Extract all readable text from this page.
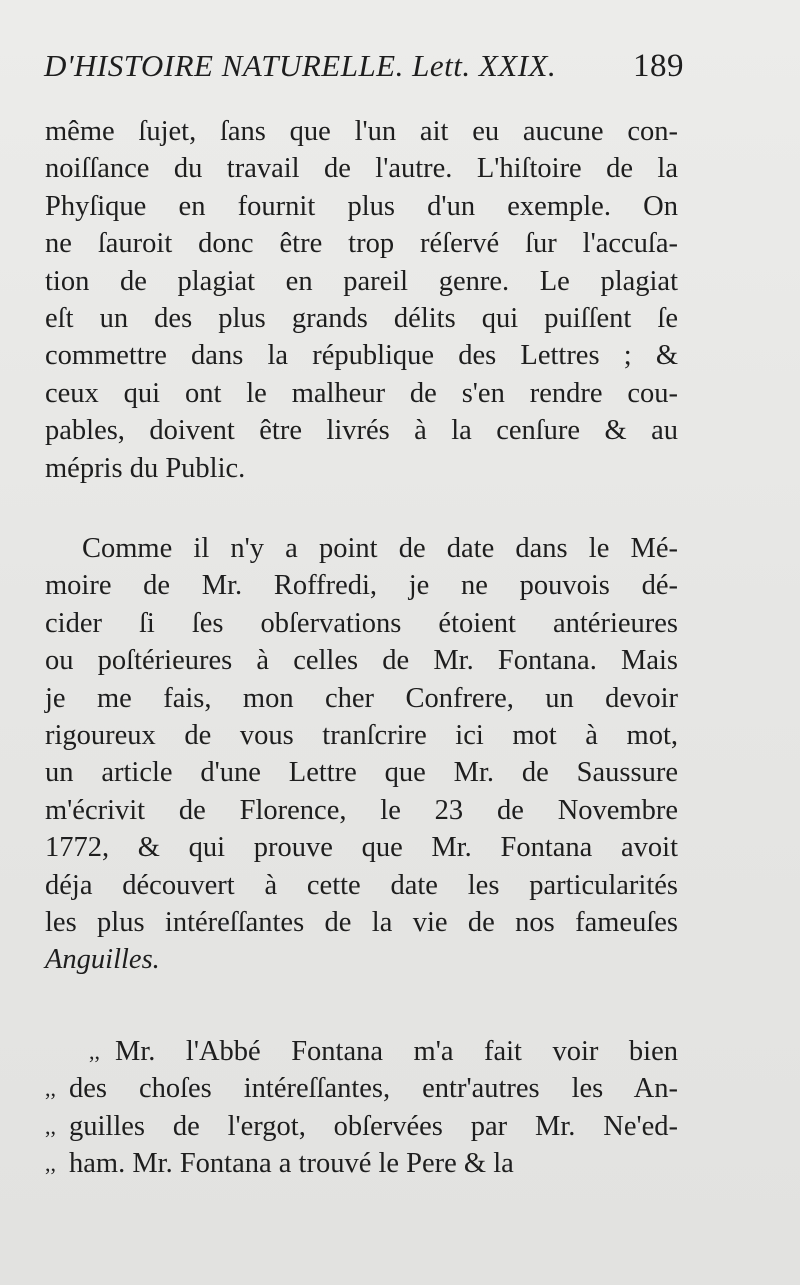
D'HISTOIRE NATURELLE. Lett. XXIX. 189
même ſujet, ſans que l'un ait eu aucune con-
noiſſance du travail de l'autre. L'hiſtoire de la
Phyſique en fournit plus d'un exemple. On
ne ſauroit donc être trop réſervé ſur l'accuſa-
tion de plagiat en pareil genre. Le plagiat
eſt un des plus grands délits qui puiſſent ſe
commettre dans la république des Lettres ; &
ceux qui ont le malheur de s'en rendre cou-
pables, doivent être livrés à la cenſure & au
mépris du Public.
Comme il n'y a point de date dans le Mé-
moire de Mr. Roffredi, je ne pouvois dé-
cider ſi ſes obſervations étoient antérieures
ou poſtérieures à celles de Mr. Fontana. Mais
je me fais, mon cher Confrere, un devoir
rigoureux de vous tranſcrire ici mot à mot,
un article d'une Lettre que Mr. de Saussure
m'écrivit de Florence, le 23 de Novembre
1772, & qui prouve que Mr. Fontana avoit
déja découvert à cette date les particularités
les plus intéreſſantes de la vie de nos fameuſes
Anguilles.
,, Mr. l'Abbé Fontana m'a fait voir bien
,, des choſes intéreſſantes, entr'autres les An-
,, guilles de l'ergot, obſervées par Mr. Ne'ed-
,, ham. Mr. Fontana a trouvé le Pere & la
